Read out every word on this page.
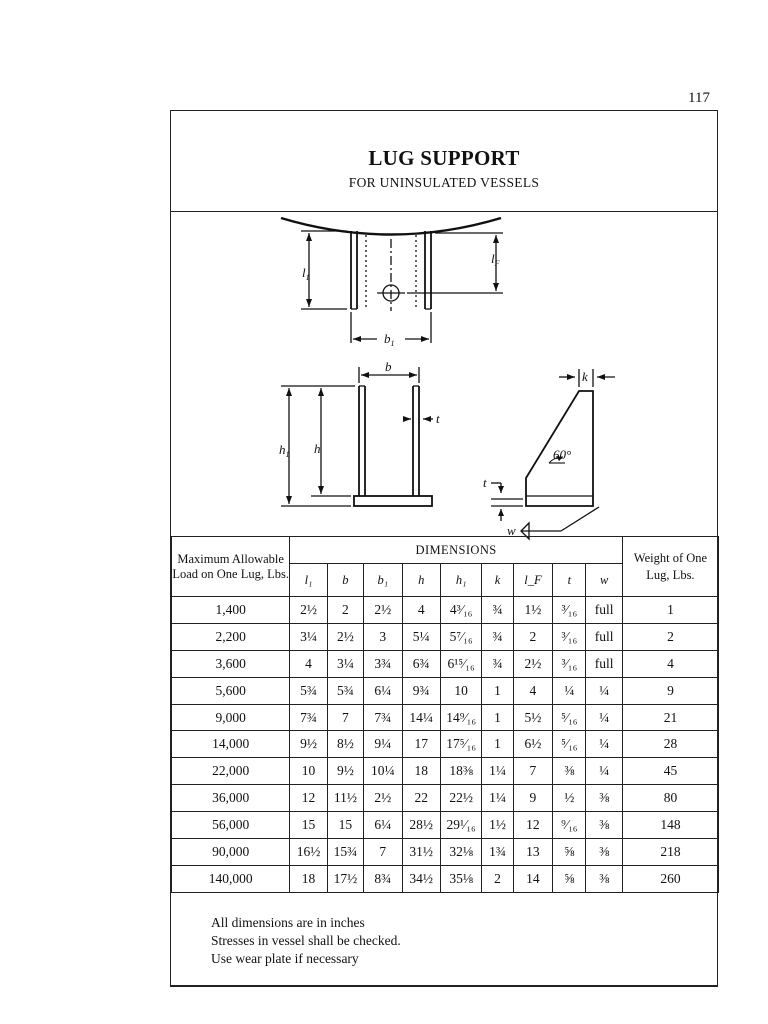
117
LUG SUPPORT
FOR UNINSULATED VESSELS
$l_1$
$l_F$
$b_1$
b
$h_1$ h
t
k
60°
t
w
Maximum Allowable Load on One Lug, Lbs.	DIMENSIONS									Weight of One Lug, Lbs.
	l₁	b	b₁	h	h₁	k	l_F	t	w	
1,400	2½	2	2½	4	4³⁄₁₆	¾	1½	³⁄₁₆	full	1
2,200	3¼	2½	3	5¼	5⁷⁄₁₆	¾	2	³⁄₁₆	full	2
3,600	4	3¼	3¾	6¾	6¹⁵⁄₁₆	¾	2½	³⁄₁₆	full	4
5,600	5¾	5¾	6¼	9¾	10	1	4	¼	¼	9
9,000	7¾	7	7¾	14¼	14⁹⁄₁₆	1	5½	⁵⁄₁₆	¼	21
14,000	9½	8½	9¼	17	17⁵⁄₁₆	1	6½	⁵⁄₁₆	¼	28
22,000	10	9½	10¼	18	18⅜	1¼	7	⅜	¼	45
36,000	12	11½	2½	22	22½	1¼	9	½	⅜	80
56,000	15	15	6¼	28½	29¹⁄₁₆	1½	12	⁹⁄₁₆	⅜	148
90,000	16½	15¾	7	31½	32⅛	1¾	13	⅝	⅜	218
140,000	18	17½	8¾	34½	35⅛	2	14	⅝	⅜	260
All dimensions are in inches
Stresses in vessel shall be checked.
Use wear plate if necessary
